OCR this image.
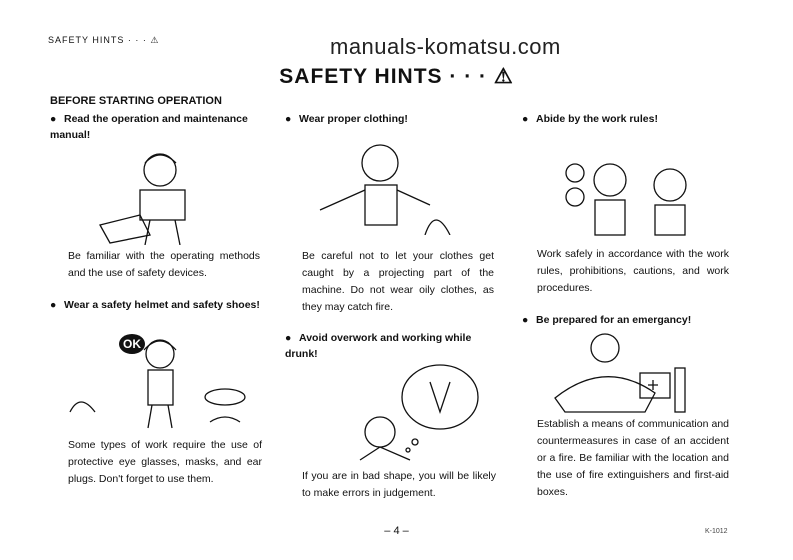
SAFETY HINTS · · · ⚠	manuals-komatsu.com
SAFETY HINTS · · · ⚠
BEFORE STARTING OPERATION
● Read the operation and maintenance manual!
Be familiar with the operating methods and the use of safety devices.
● Wear a safety helmet and safety shoes!
OK
Some types of work require the use of protective eye glasses, masks, and ear plugs. Don't forget to use them.
● Wear proper clothing!
Be careful not to let your clothes get caught by a projecting part of the machine. Do not wear oily clothes, as they may catch fire.
● Avoid overwork and working while drunk!
If you are in bad shape, you will be likely to make errors in judgement.
● Abide by the work rules!
Work safely in accordance with the work rules, prohibitions, cautions, and work procedures.
● Be prepared for an emergancy!
Establish a means of communication and countermeasures in case of an accident or a fire. Be familiar with the location and the use of fire extinguishers and first-aid boxes.
– 4 –	K-1012
